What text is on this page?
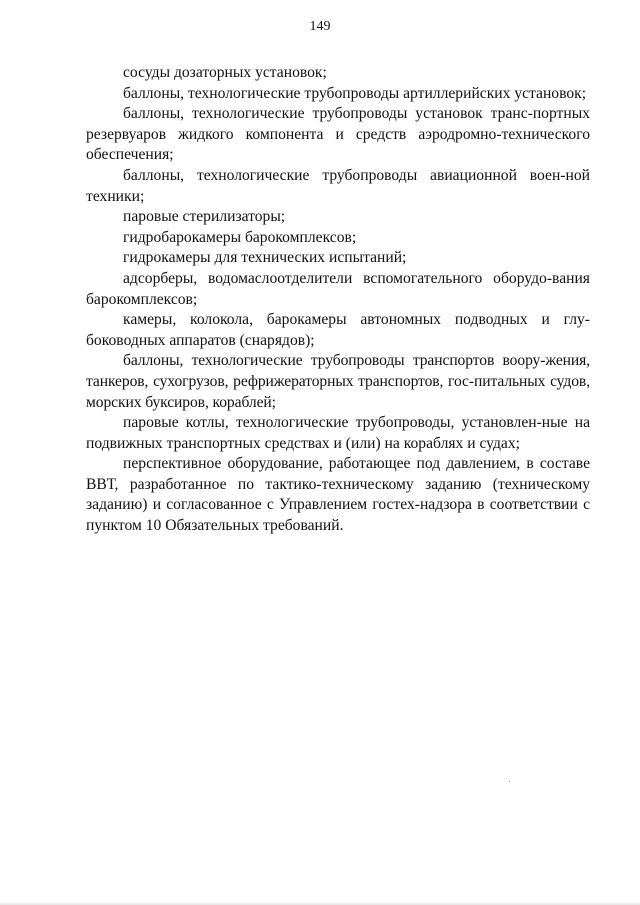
149

сосуды дозаторных установок;

баллоны, технологические трубопроводы артиллерийских установок;

баллоны, технологические трубопроводы установок транс-портных резервуаров жидкого компонента и средств аэродромно-технического обеспечения;

баллоны, технологические трубопроводы авиационной воен-ной техники;

паровые стерилизаторы;

гидробарокамеры барокомплексов;

гидрокамеры для технических испытаний;

адсорберы, водомаслоотделители вспомогательного оборудо-вания барокомплексов;

камеры, колокола, барокамеры автономных подводных и глу-боководных аппаратов (снарядов);

баллоны, технологические трубопроводы транспортов воору-жения, танкеров, сухогрузов, рефрижераторных транспортов, гос-питальных судов, морских буксиров, кораблей;

паровые котлы, технологические трубопроводы, установлен-ные на подвижных транспортных средствах и (или) на кораблях и судах;

перспективное оборудование, работающее под давлением, в составе ВВТ, разработанное по тактико-техническому заданию (техническому заданию) и согласованное с Управлением гостех-надзора в соответствии с пунктом 10 Обязательных требований.
